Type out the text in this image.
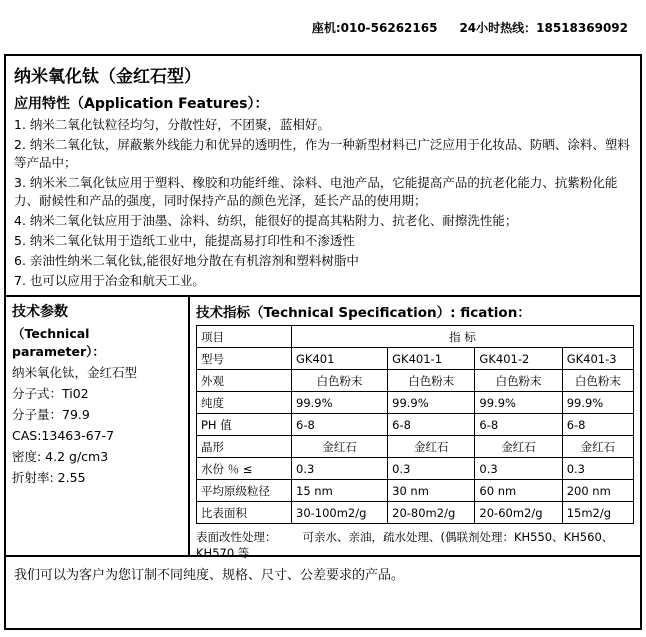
座机:010-56262165 24小时热线：18518369092
纳米氧化钛（金红石型）
应用特性（Application Features）：
1. 纳米二氧化钛粒径均匀，分散性好，不团聚，蓝相好。
2. 纳米二氧化钛，屏蔽紫外线能力和优异的透明性，作为一种新型材料已广泛应用于化妆品、防晒、涂料、塑料等产品中；
3. 纳米米二氧化钛应用于塑料、橡胶和功能纤维、涂料、电池产品，它能提高产品的抗老化能力、抗紫粉化能力、耐候性和产品的强度，同时保持产品的颜色光泽，延长产品的使用期；
4. 纳米二氧化钛应用于油墨、涂料、纺织，能很好的提高其粘附力、抗老化、耐擦洗性能；
5. 纳米二氧化钛用于造纸工业中，能提高易打印性和不渗透性
6. 亲油性纳米二氧化钛,能很好地分散在有机溶剂和塑料树脂中
7. 也可以应用于冶金和航天工业。
技术参数
（Technical parameter）：
纳米氧化钛，金红石型
分子式：Ti02
分子量：79.9
CAS:13463-67-7
密度: 4.2 g/cm3
折射率: 2.55
技术指标（Technical Specification）: fication：
项目	指 标			
型号	GK401	GK401-1	GK401-2	GK401-3
外观	白色粉末	白色粉末	白色粉末	白色粉末
纯度	99.9%	99.9%	99.9%	99.9%
PH 值	6-8	6-8	6-8	6-8
晶形	金红石	金红石	金红石	金红石
水份 ％ ≤	0.3	0.3	0.3	0.3
平均原级粒径	15 nm	30 nm	60 nm	200 nm
比表面积	30-100m2/g	20-80m2/g	20-60m2/g	15m2/g
表面改性处理： 可亲水、亲油，疏水处理、(偶联剂处理：KH550、KH560、
KH570 等
我们可以为客户为您订制不同纯度、规格、尺寸、公差要求的产品。
